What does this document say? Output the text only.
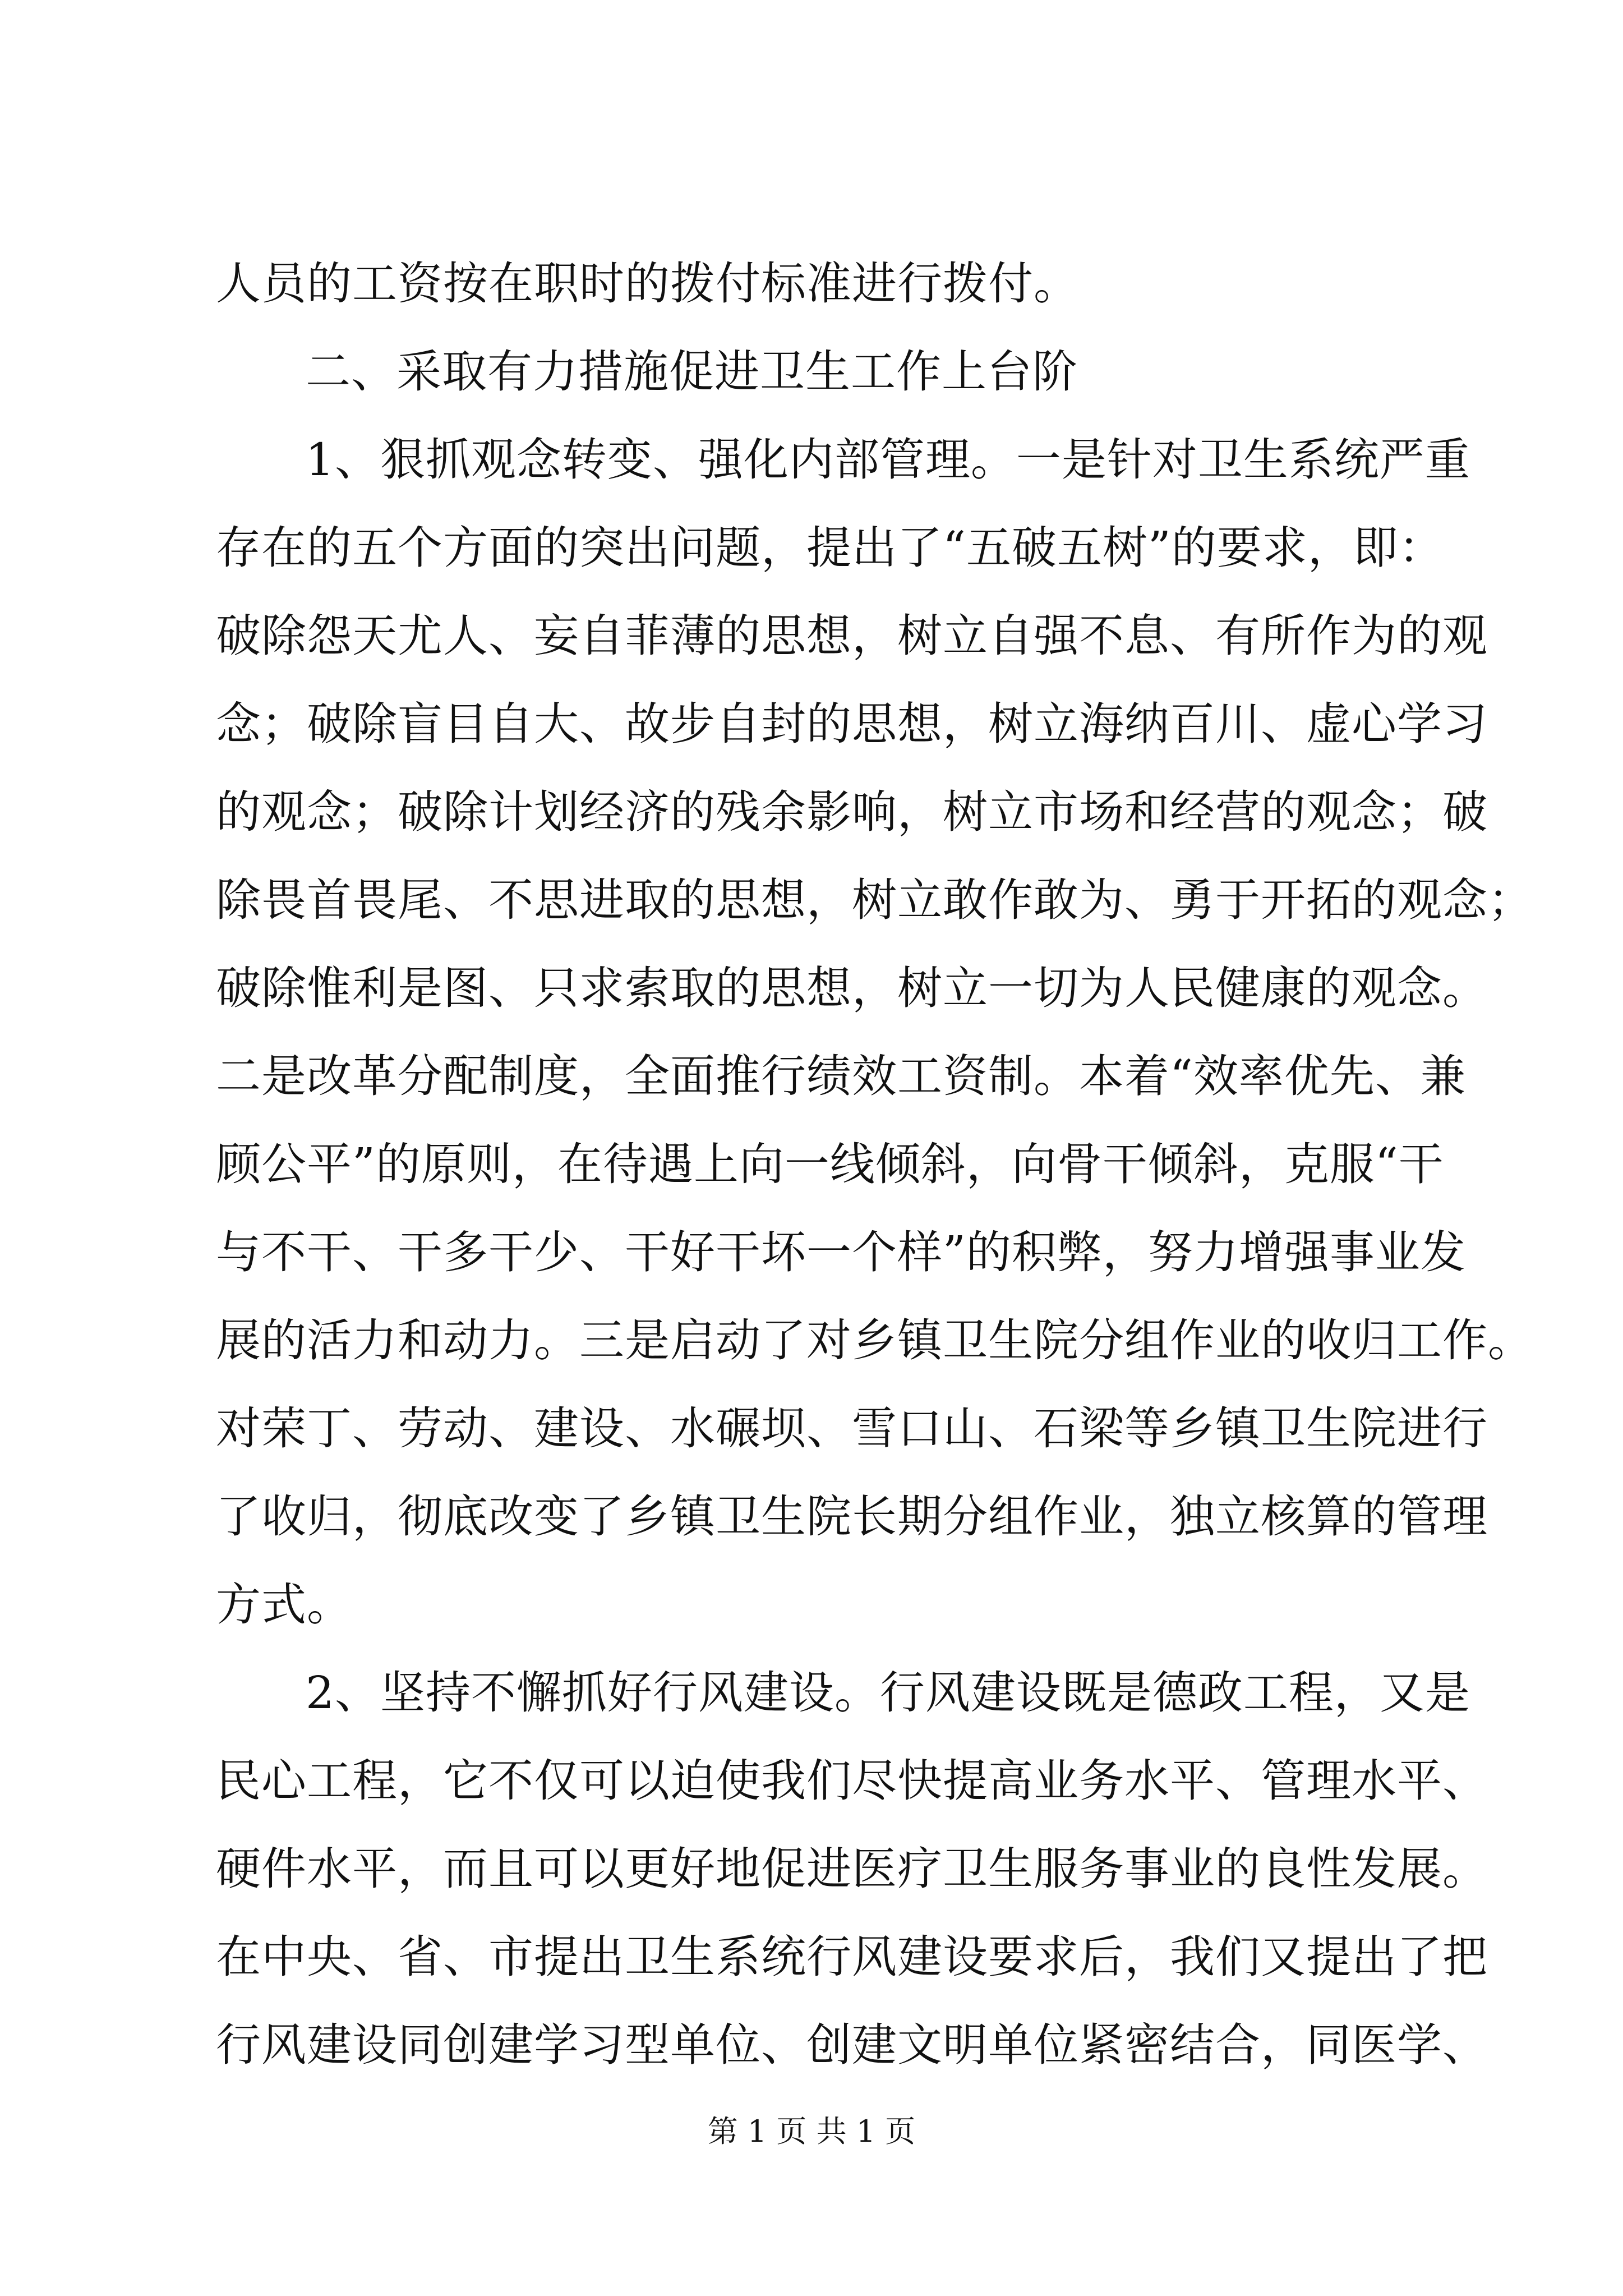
人员的工资按在职时的拨付标准进行拨付。
二、采取有力措施促进卫生工作上台阶
1、狠抓观念转变、强化内部管理。一是针对卫生系统严重
存在的五个方面的突出问题，提出了“五破五树”的要求，即：
破除怨天尤人、妄自菲薄的思想，树立自强不息、有所作为的观
念；破除盲目自大、故步自封的思想，树立海纳百川、虚心学习
的观念；破除计划经济的残余影响，树立市场和经营的观念；破
除畏首畏尾、不思进取的思想，树立敢作敢为、勇于开拓的观念；
破除惟利是图、只求索取的思想，树立一切为人民健康的观念。
二是改革分配制度，全面推行绩效工资制。本着“效率优先、兼
顾公平”的原则，在待遇上向一线倾斜，向骨干倾斜，克服“干
与不干、干多干少、干好干坏一个样”的积弊，努力增强事业发
展的活力和动力。三是启动了对乡镇卫生院分组作业的收归工作。
对荣丁、劳动、建设、水碾坝、雪口山、石梁等乡镇卫生院进行
了收归，彻底改变了乡镇卫生院长期分组作业，独立核算的管理
方式。
2、坚持不懈抓好行风建设。行风建设既是德政工程，又是
民心工程，它不仅可以迫使我们尽快提高业务水平、管理水平、
硬件水平，而且可以更好地促进医疗卫生服务事业的良性发展。
在中央、省、市提出卫生系统行风建设要求后，我们又提出了把
行风建设同创建学习型单位、创建文明单位紧密结合，同医学、
第 1 页 共 1 页
